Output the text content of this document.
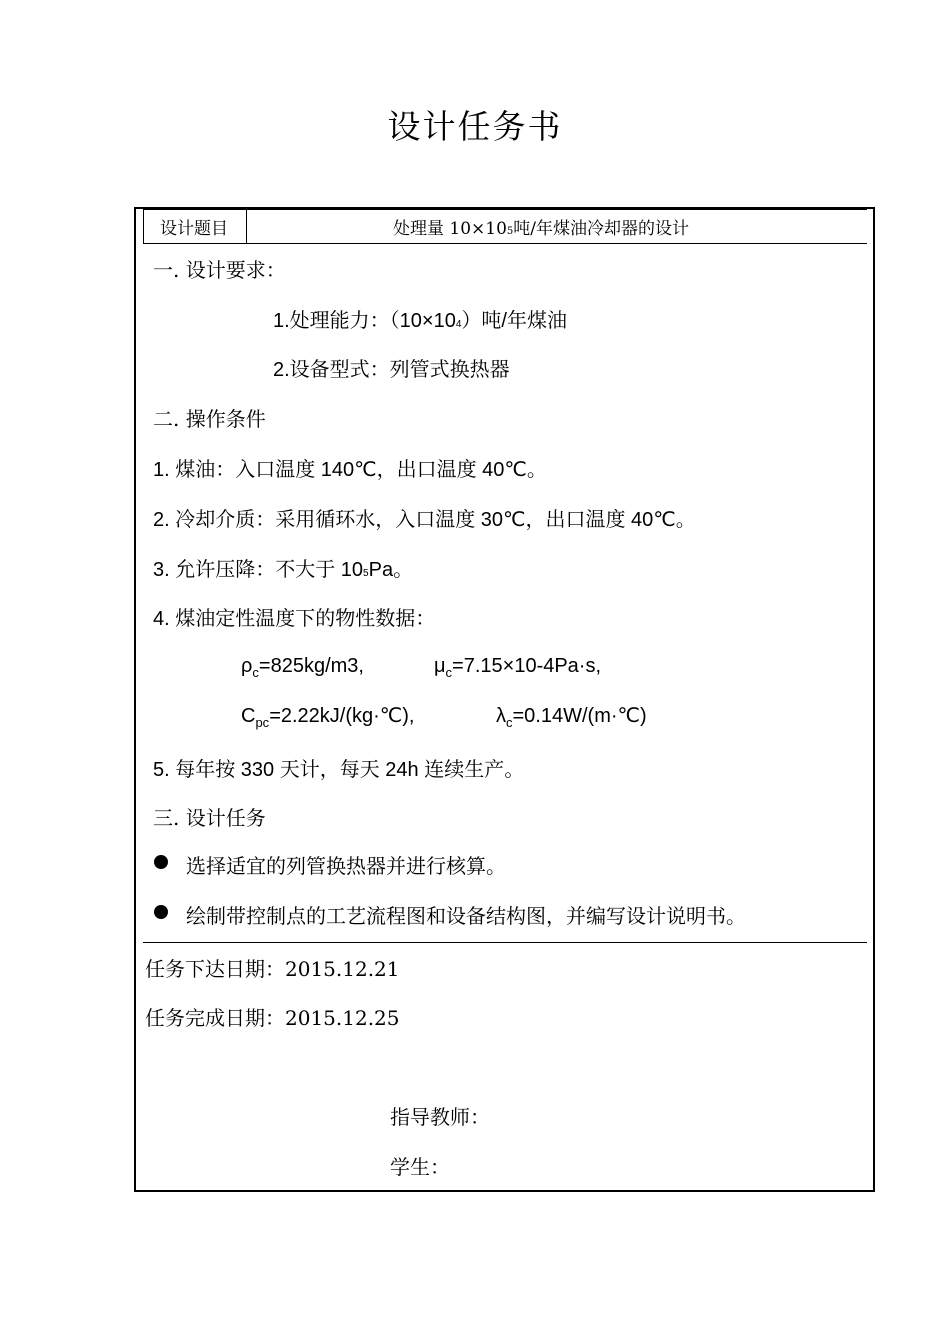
设计任务书
设计题目	处理量 10×105吨/年煤油冷却器的设计
一. 设计要求：
1.处理能力：（10×104）吨/年煤油
2.设备型式：列管式换热器
二. 操作条件
1. 煤油：入口温度 140℃，出口温度 40℃。
2. 冷却介质：采用循环水，入口温度 30℃，出口温度 40℃。
3. 允许压降：不大于 105Pa。
4. 煤油定性温度下的物性数据：
$\rho_c=825kg/m3$,	$\mu_c=7.15\times 10-4Pa\cdot s$,
$C_{pc}=2.22kJ/(kg\cdot℃)$,	$\lambda_c=0.14W/(m\cdot℃)$
5. 每年按 330 天计，每天 24h 连续生产。
三. 设计任务
选择适宜的列管换热器并进行核算。
绘制带控制点的工艺流程图和设备结构图，并编写设计说明书。
任务下达日期：2015.12.21
任务完成日期：2015.12.25
指导教师：
学生：
